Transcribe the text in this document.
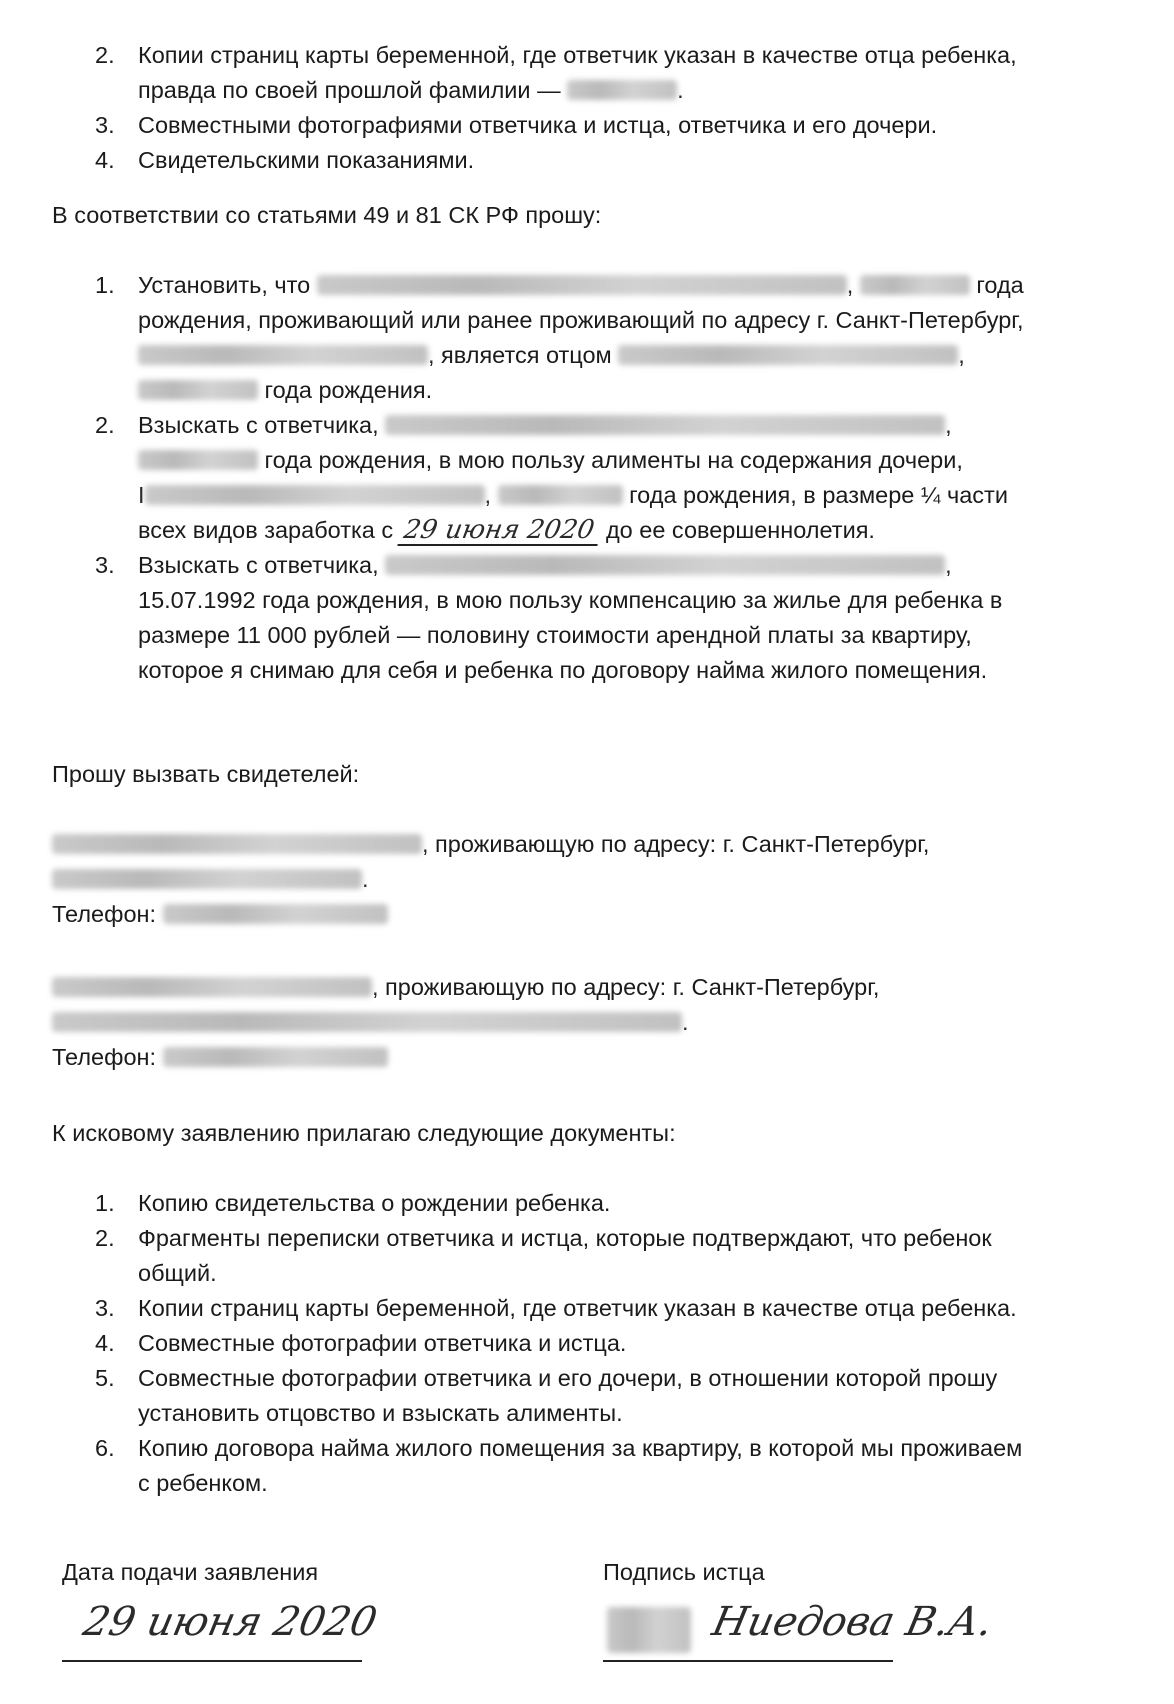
2. Копии страниц карты беременной, где ответчик указан в качестве отца ребенка,
правда по своей прошлой фамилии —	.
3. Совместными фотографиями ответчика и истца, ответчика и его дочери.
4. Свидетельскими показаниями.

В соответствии со статьями 49 и 81 СК РФ прошу:

1. Установить, что	,	года
рождения, проживающий или ранее проживающий по адресу г. Санкт-Петербург,
, является отцом	,
года рождения.
2. Взыскать с ответчика,	,
года рождения, в мою пользу алименты на содержания дочери,
I	,	года рождения, в размере ¼ части
всех видов заработка с 29 июня 2020 до ее совершеннолетия.
3. Взыскать с ответчика,	,
15.07.1992 года рождения, в мою пользу компенсацию за жилье для ребенка в
размере 11 000 рублей — половину стоимости арендной платы за квартиру,
которое я снимаю для себя и ребенка по договору найма жилого помещения.

Прошу вызвать свидетелей:

, проживающую по адресу: г. Санкт-Петербург,
.
Телефон:
, проживающую по адресу: г. Санкт-Петербург,
.
Телефон:

К исковому заявлению прилагаю следующие документы:

1. Копию свидетельства о рождении ребенка.
2. Фрагменты переписки ответчика и истца, которые подтверждают, что ребенок
общий.
3. Копии страниц карты беременной, где ответчик указан в качестве отца ребенка.
4. Совместные фотографии ответчика и истца.
5. Совместные фотографии ответчика и его дочери, в отношении которой прошу
установить отцовство и взыскать алименты.
6. Копию договора найма жилого помещения за квартиру, в которой мы проживаем
с ребенком.
Дата подачи заявления
29 июня 2020
Подпись истца
Ниедова В.А.
